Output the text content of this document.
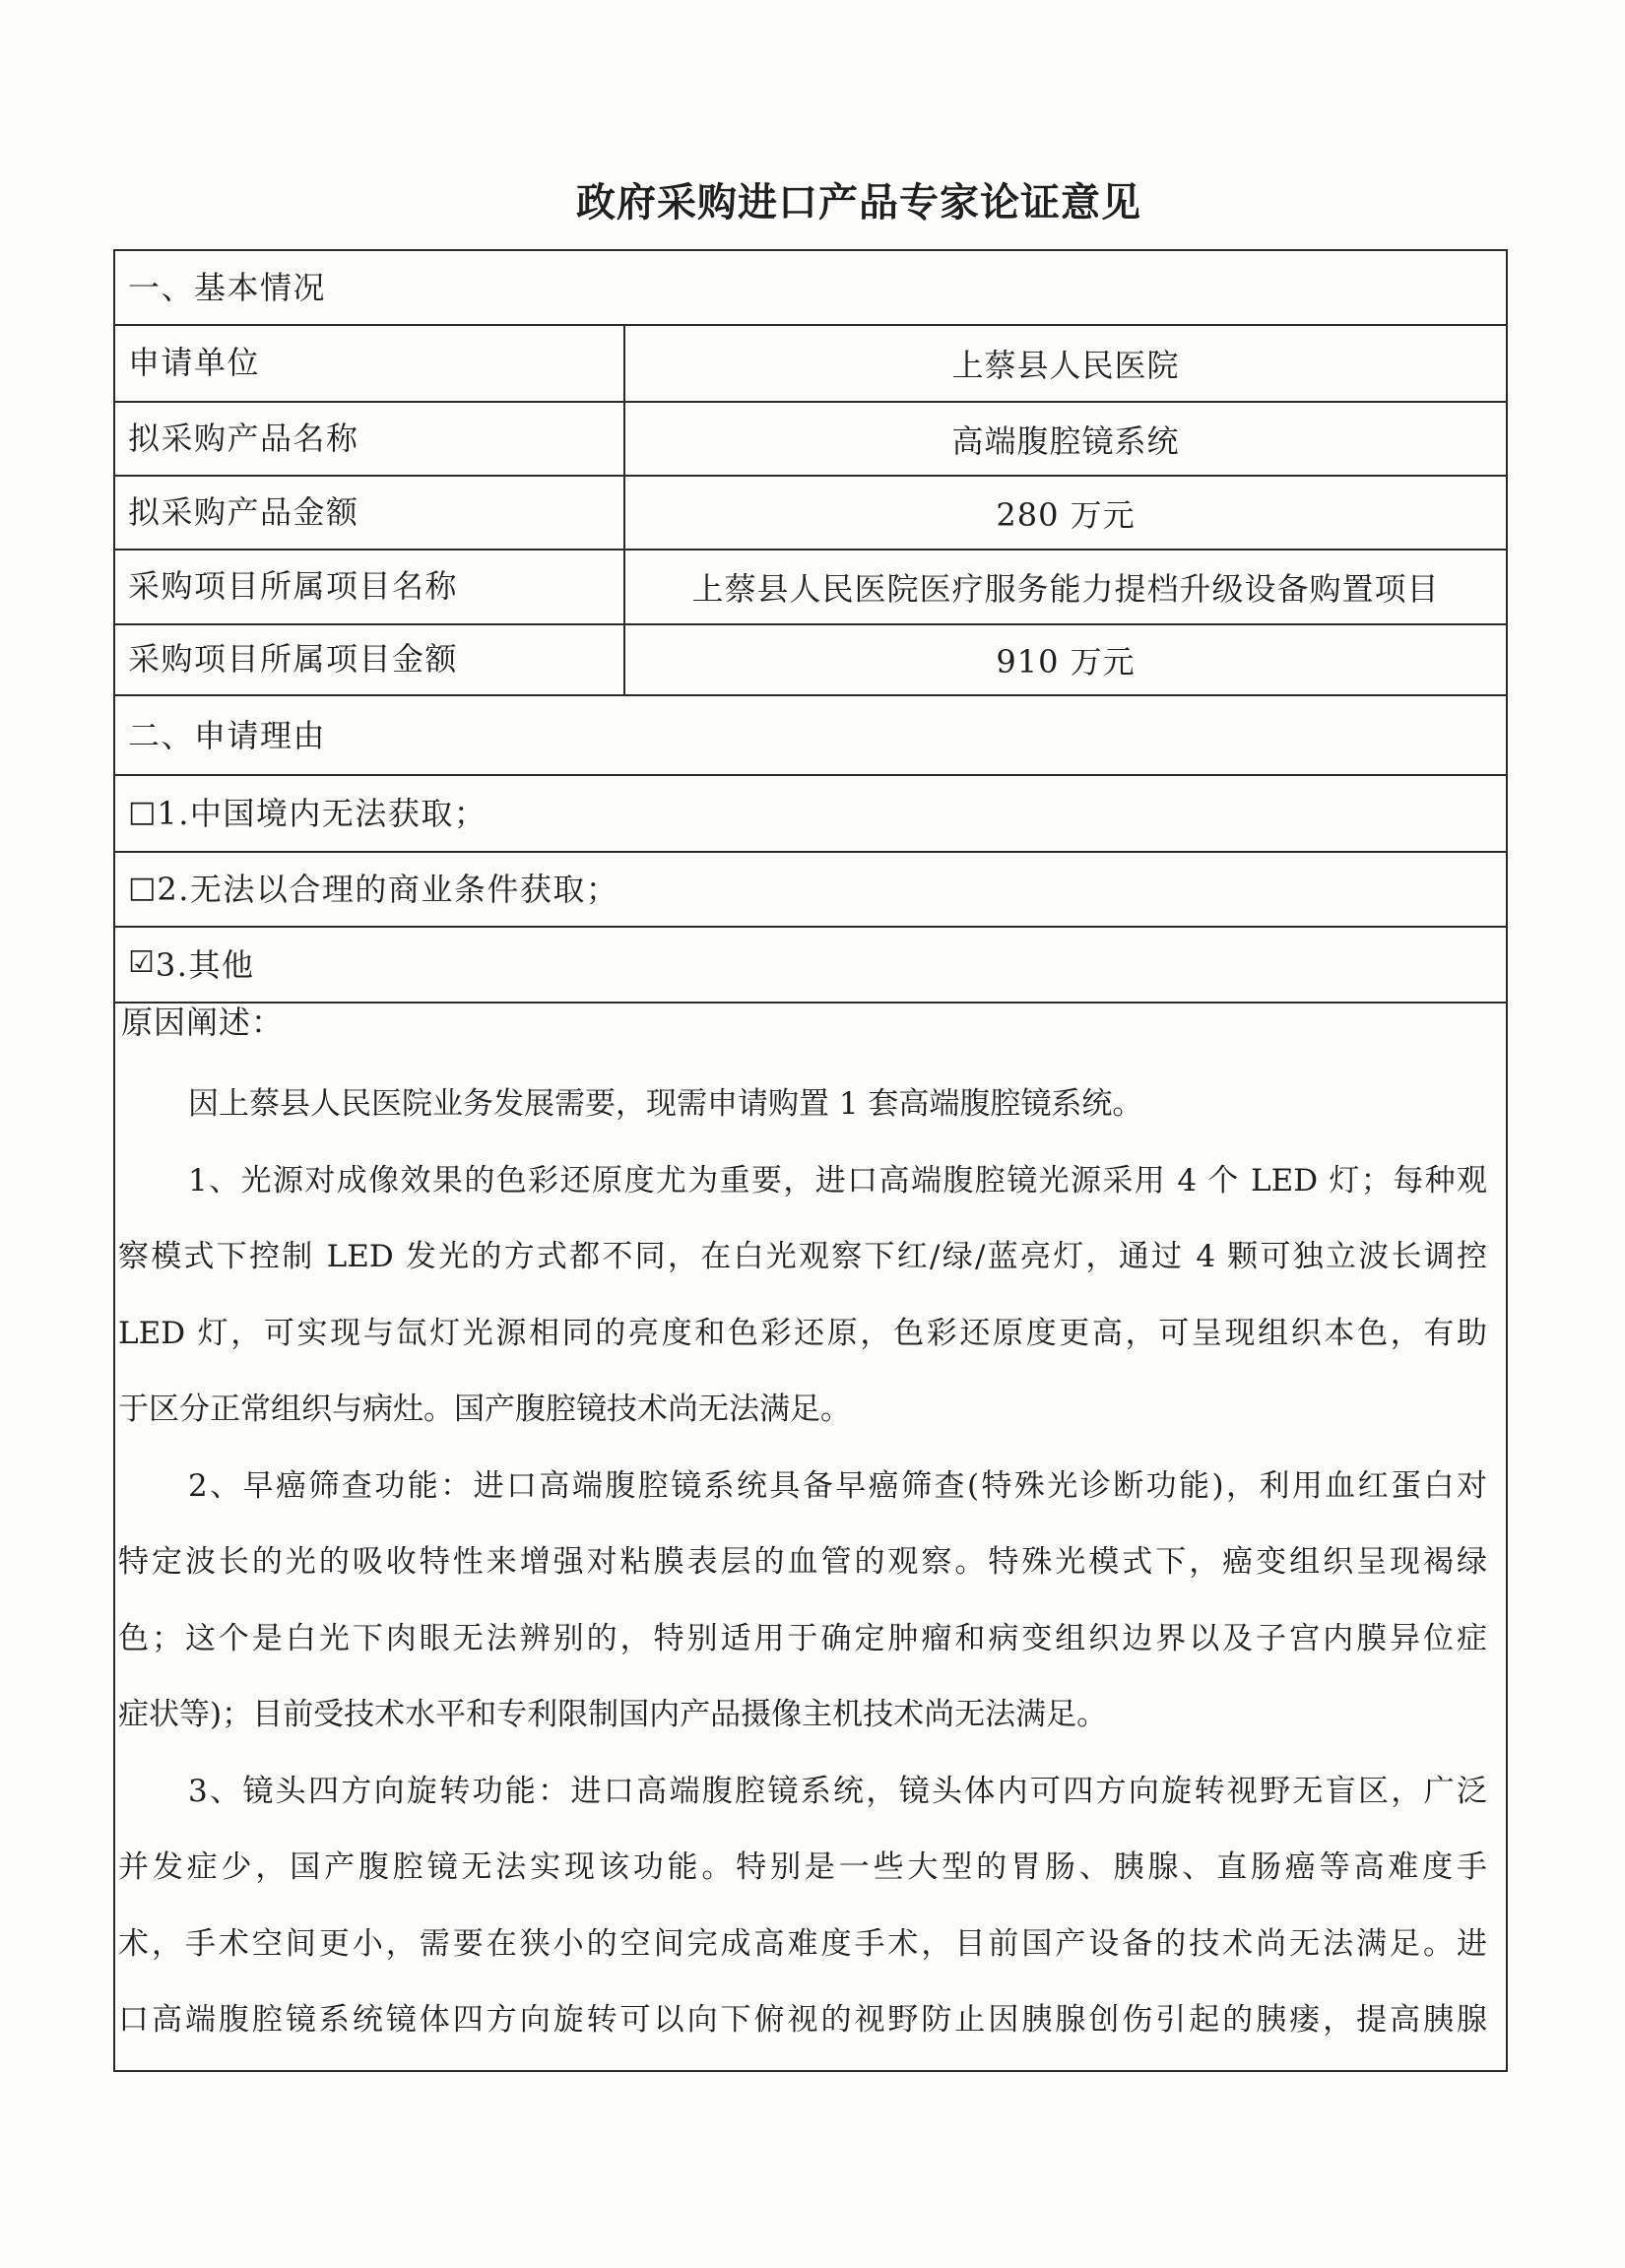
政府采购进口产品专家论证意见
一、基本情况
申请单位	上蔡县人民医院
拟采购产品名称	高端腹腔镜系统
拟采购产品金额	280 万元
采购项目所属项目名称	上蔡县人民医院医疗服务能力提档升级设备购置项目
采购项目所属项目金额	910 万元
二、申请理由
□ 1.中国境内无法获取；
□ 2.无法以合理的商业条件获取；
☑ 3.其他
原因阐述：
因上蔡县人民医院业务发展需要，现需申请购置 1 套高端腹腔镜系统。
1、光源对成像效果的色彩还原度尤为重要，进口高端腹腔镜光源采用 4 个 LED 灯；每种观
察模式下控制 LED 发光的方式都不同，在白光观察下红/绿/蓝亮灯，通过 4 颗可独立波长调控
LED 灯，可实现与氙灯光源相同的亮度和色彩还原，色彩还原度更高，可呈现组织本色，有助
于区分正常组织与病灶。国产腹腔镜技术尚无法满足。
2、早癌筛查功能：进口高端腹腔镜系统具备早癌筛查(特殊光诊断功能)，利用血红蛋白对
特定波长的光的吸收特性来增强对粘膜表层的血管的观察。特殊光模式下，癌变组织呈现褐绿
色；这个是白光下肉眼无法辨别的，特别适用于确定肿瘤和病变组织边界以及子宫内膜异位症
症状等)；目前受技术水平和专利限制国内产品摄像主机技术尚无法满足。
3、镜头四方向旋转功能：进口高端腹腔镜系统，镜头体内可四方向旋转视野无盲区，广泛
并发症少，国产腹腔镜无法实现该功能。特别是一些大型的胃肠、胰腺、直肠癌等高难度手
术，手术空间更小，需要在狭小的空间完成高难度手术，目前国产设备的技术尚无法满足。进
口高端腹腔镜系统镜体四方向旋转可以向下俯视的视野防止因胰腺创伤引起的胰瘘，提高胰腺
